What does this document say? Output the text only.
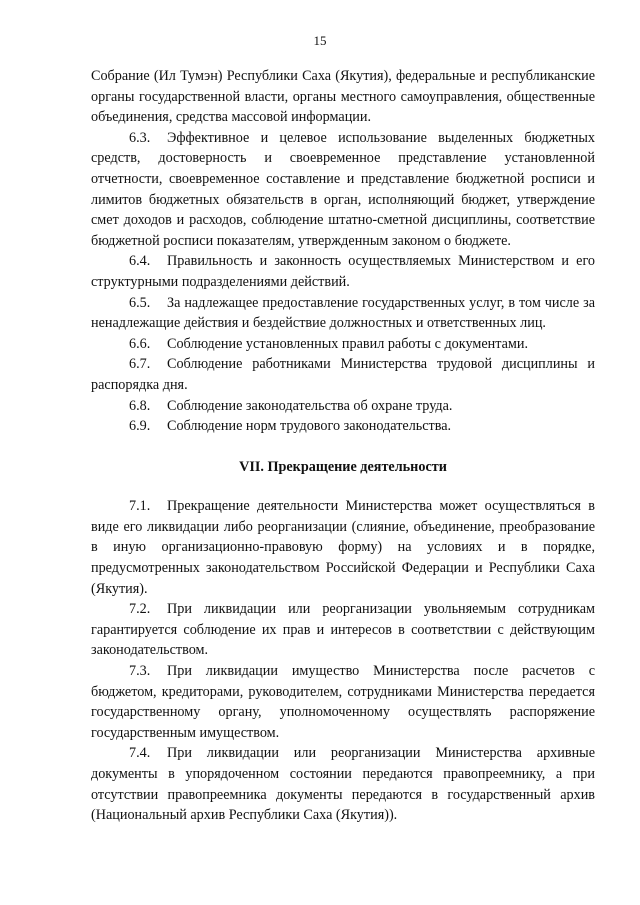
15

Собрание (Ил Тумэн) Республики Саха (Якутия), федеральные и республиканские органы государственной власти, органы местного самоуправления, общественные объединения, средства массовой информации.

6.3. Эффективное и целевое использование выделенных бюджетных средств, достоверность и своевременное представление установленной отчетности, своевременное составление и представление бюджетной росписи и лимитов бюджетных обязательств в орган, исполняющий бюджет, утверждение смет доходов и расходов, соблюдение штатно-сметной дисциплины, соответствие бюджетной росписи показателям, утвержденным законом о бюджете.

6.4. Правильность и законность осуществляемых Министерством и его структурными подразделениями действий.

6.5. За надлежащее предоставление государственных услуг, в том числе за ненадлежащие действия и бездействие должностных и ответственных лиц.

6.6. Соблюдение установленных правил работы с документами.

6.7. Соблюдение работниками Министерства трудовой дисциплины и распорядка дня.

6.8. Соблюдение законодательства об охране труда.

6.9. Соблюдение норм трудового законодательства.

VII. Прекращение деятельности

7.1. Прекращение деятельности Министерства может осуществляться в виде его ликвидации либо реорганизации (слияние, объединение, преобразование в иную организационно-правовую форму) на условиях и в порядке, предусмотренных законодательством Российской Федерации и Республики Саха (Якутия).

7.2. При ликвидации или реорганизации увольняемым сотрудникам гарантируется соблюдение их прав и интересов в соответствии с действующим законодательством.

7.3. При ликвидации имущество Министерства после расчетов с бюджетом, кредиторами, руководителем, сотрудниками Министерства передается государственному органу, уполномоченному осуществлять распоряжение государственным имуществом.

7.4. При ликвидации или реорганизации Министерства архивные документы в упорядоченном состоянии передаются правопреемнику, а при отсутствии правопреемника документы передаются в государственный архив (Национальный архив Республики Саха (Якутия)).
